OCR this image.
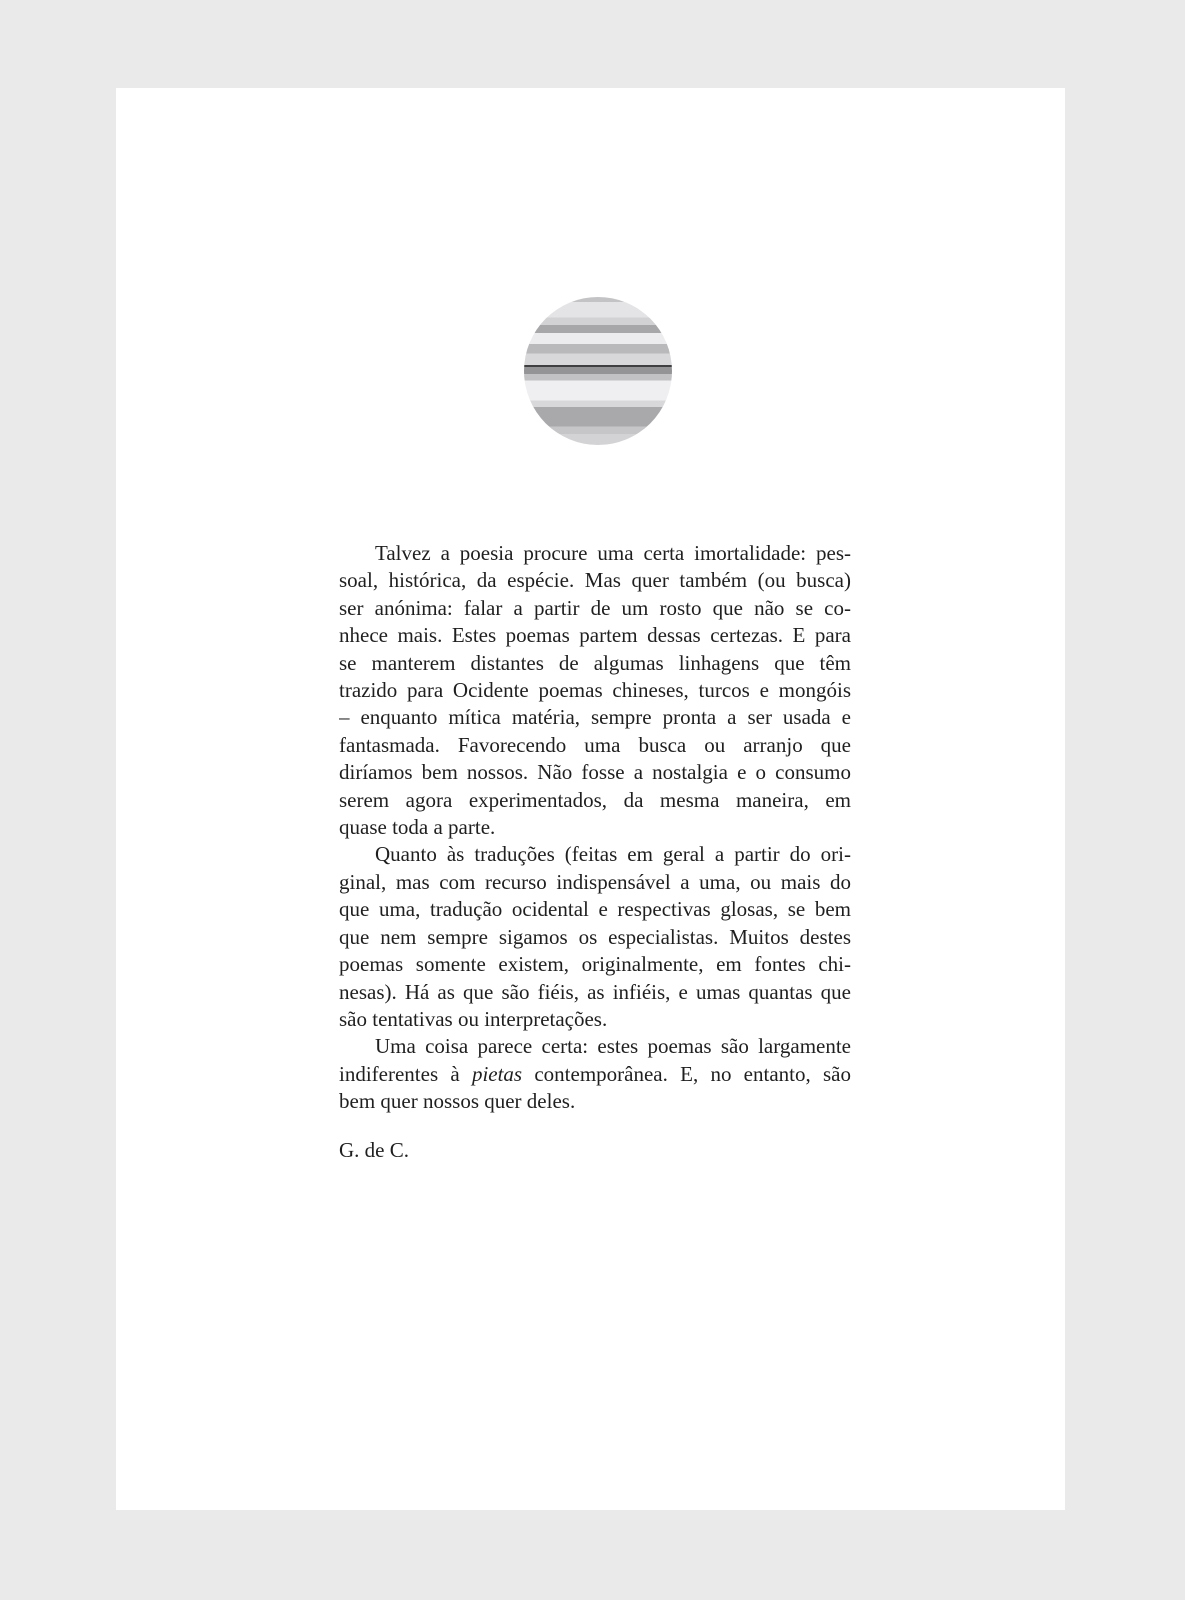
Talvez a poesia procure uma certa imortalidade: pes-
soal, histórica, da espécie. Mas quer também (ou busca)
ser anónima: falar a partir de um rosto que não se co-
nhece mais. Estes poemas partem dessas certezas. E para
se manterem distantes de algumas linhagens que têm
trazido para Ocidente poemas chineses, turcos e mongóis
– enquanto mítica matéria, sempre pronta a ser usada e
fantasmada. Favorecendo uma busca ou arranjo que
diríamos bem nossos. Não fosse a nostalgia e o consumo
serem agora experimentados, da mesma maneira, em
quase toda a parte.
Quanto às traduções (feitas em geral a partir do ori-
ginal, mas com recurso indispensável a uma, ou mais do
que uma, tradução ocidental e respectivas glosas, se bem
que nem sempre sigamos os especialistas. Muitos destes
poemas somente existem, originalmente, em fontes chi-
nesas). Há as que são fiéis, as infiéis, e umas quantas que
são tentativas ou interpretações.
Uma coisa parece certa: estes poemas são largamente
indiferentes à pietas contemporânea. E, no entanto, são
bem quer nossos quer deles.
G. de C.
